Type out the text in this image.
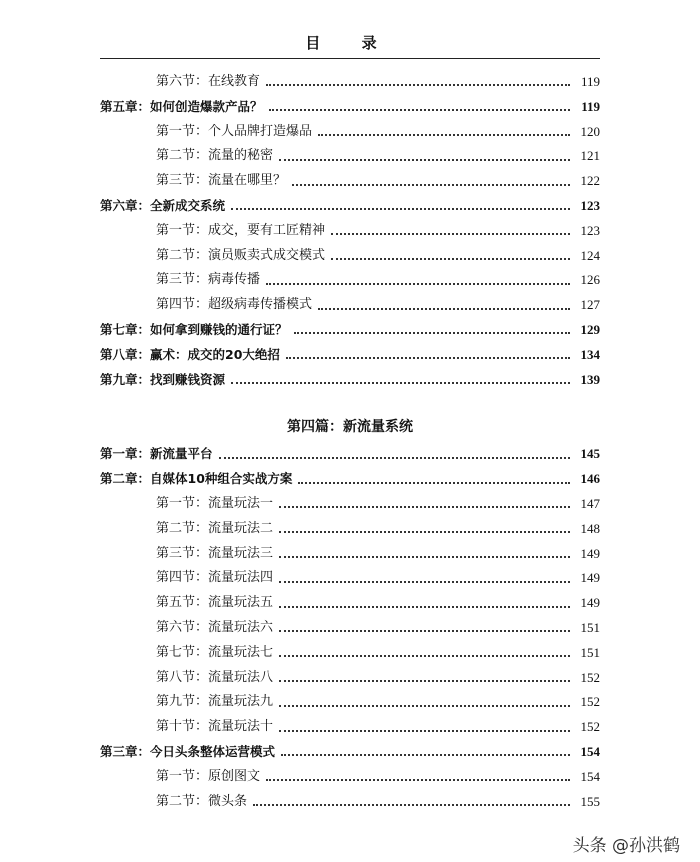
目 录
第六节：在线教育	119
第五章：如何创造爆款产品？	119
第一节：个人品牌打造爆品	120
第二节：流量的秘密	121
第三节：流量在哪里？	122
第六章：全新成交系统	123
第一节：成交，要有工匠精神	123
第二节：演员贩卖式成交模式	124
第三节：病毒传播	126
第四节：超级病毒传播模式	127
第七章：如何拿到赚钱的通行证？	129
第八章：赢术：成交的20大绝招	134
第九章：找到赚钱资源	139
第四篇：新流量系统
第一章：新流量平台	145
第二章：自媒体10种组合实战方案	146
第一节：流量玩法一	147
第二节：流量玩法二	148
第三节：流量玩法三	149
第四节：流量玩法四	149
第五节：流量玩法五	149
第六节：流量玩法六	151
第七节：流量玩法七	151
第八节：流量玩法八	152
第九节：流量玩法九	152
第十节：流量玩法十	152
第三章：今日头条整体运营模式	154
第一节：原创图文	154
第二节：微头条	155
头条 @孙洪鹤
